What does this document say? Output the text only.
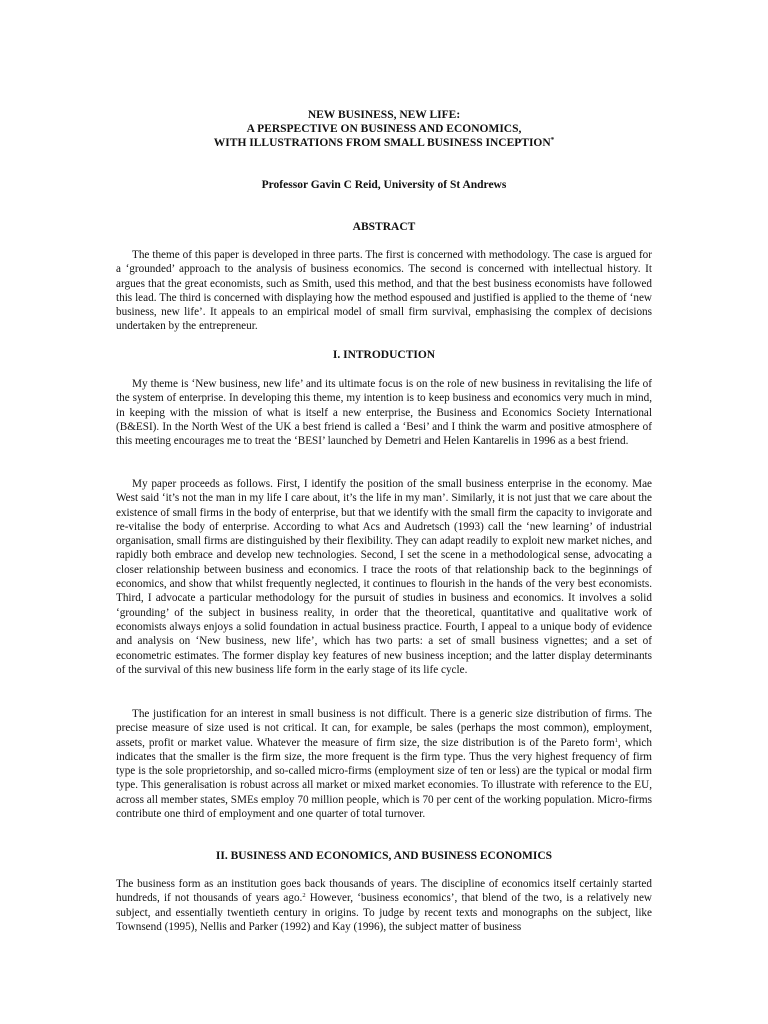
NEW BUSINESS, NEW LIFE:
A PERSPECTIVE ON BUSINESS AND ECONOMICS,
WITH ILLUSTRATIONS FROM SMALL BUSINESS INCEPTION*
Professor Gavin C Reid, University of St Andrews
ABSTRACT

The theme of this paper is developed in three parts. The first is concerned with methodology. The case is argued for a ‘grounded’ approach to the analysis of business economics. The second is concerned with intellectual history. It argues that the great economists, such as Smith, used this method, and that the best business economists have followed this lead. The third is concerned with displaying how the method espoused and justified is applied to the theme of ‘new business, new life’. It appeals to an empirical model of small firm survival, emphasising the complex of decisions undertaken by the entrepreneur.

I. INTRODUCTION

My theme is ‘New business, new life’ and its ultimate focus is on the role of new business in revitalising the life of the system of enterprise. In developing this theme, my intention is to keep business and economics very much in mind, in keeping with the mission of what is itself a new enterprise, the Business and Economics Society International (B&ESI). In the North West of the UK a best friend is called a ‘Besi’ and I think the warm and positive atmosphere of this meeting encourages me to treat the ‘BESI’ launched by Demetri and Helen Kantarelis in 1996 as a best friend.

My paper proceeds as follows. First, I identify the position of the small business enterprise in the economy. Mae West said ‘it’s not the man in my life I care about, it’s the life in my man’. Similarly, it is not just that we care about the existence of small firms in the body of enterprise, but that we identify with the small firm the capacity to invigorate and re-vitalise the body of enterprise. According to what Acs and Audretsch (1993) call the ‘new learning’ of industrial organisation, small firms are distinguished by their flexibility. They can adapt readily to exploit new market niches, and rapidly both embrace and develop new technologies. Second, I set the scene in a methodological sense, advocating a closer relationship between business and economics. I trace the roots of that relationship back to the beginnings of economics, and show that whilst frequently neglected, it continues to flourish in the hands of the very best economists. Third, I advocate a particular methodology for the pursuit of studies in business and economics. It involves a solid ‘grounding’ of the subject in business reality, in order that the theoretical, quantitative and qualitative work of economists always enjoys a solid foundation in actual business practice. Fourth, I appeal to a unique body of evidence and analysis on ‘New business, new life’, which has two parts: a set of small business vignettes; and a set of econometric estimates. The former display key features of new business inception; and the latter display determinants of the survival of this new business life form in the early stage of its life cycle.

The justification for an interest in small business is not difficult. There is a generic size distribution of firms. The precise measure of size used is not critical. It can, for example, be sales (perhaps the most common), employment, assets, profit or market value. Whatever the measure of firm size, the size distribution is of the Pareto form$^1$, which indicates that the smaller is the firm size, the more frequent is the firm type. Thus the very highest frequency of firm type is the sole proprietorship, and so-called micro-firms (employment size of ten or less) are the typical or modal firm type. This generalisation is robust across all market or mixed market economies. To illustrate with reference to the EU, across all member states, SMEs employ 70 million people, which is 70 per cent of the working population. Micro-firms contribute one third of employment and one quarter of total turnover.

II. BUSINESS AND ECONOMICS, AND BUSINESS ECONOMICS

The business form as an institution goes back thousands of years. The discipline of economics itself certainly started hundreds, if not thousands of years ago.$^2$ However, ‘business economics’, that blend of the two, is a relatively new subject, and essentially twentieth century in origins. To judge by recent texts and monographs on the subject, like Townsend (1995), Nellis and Parker (1992) and Kay (1996), the subject matter of business
